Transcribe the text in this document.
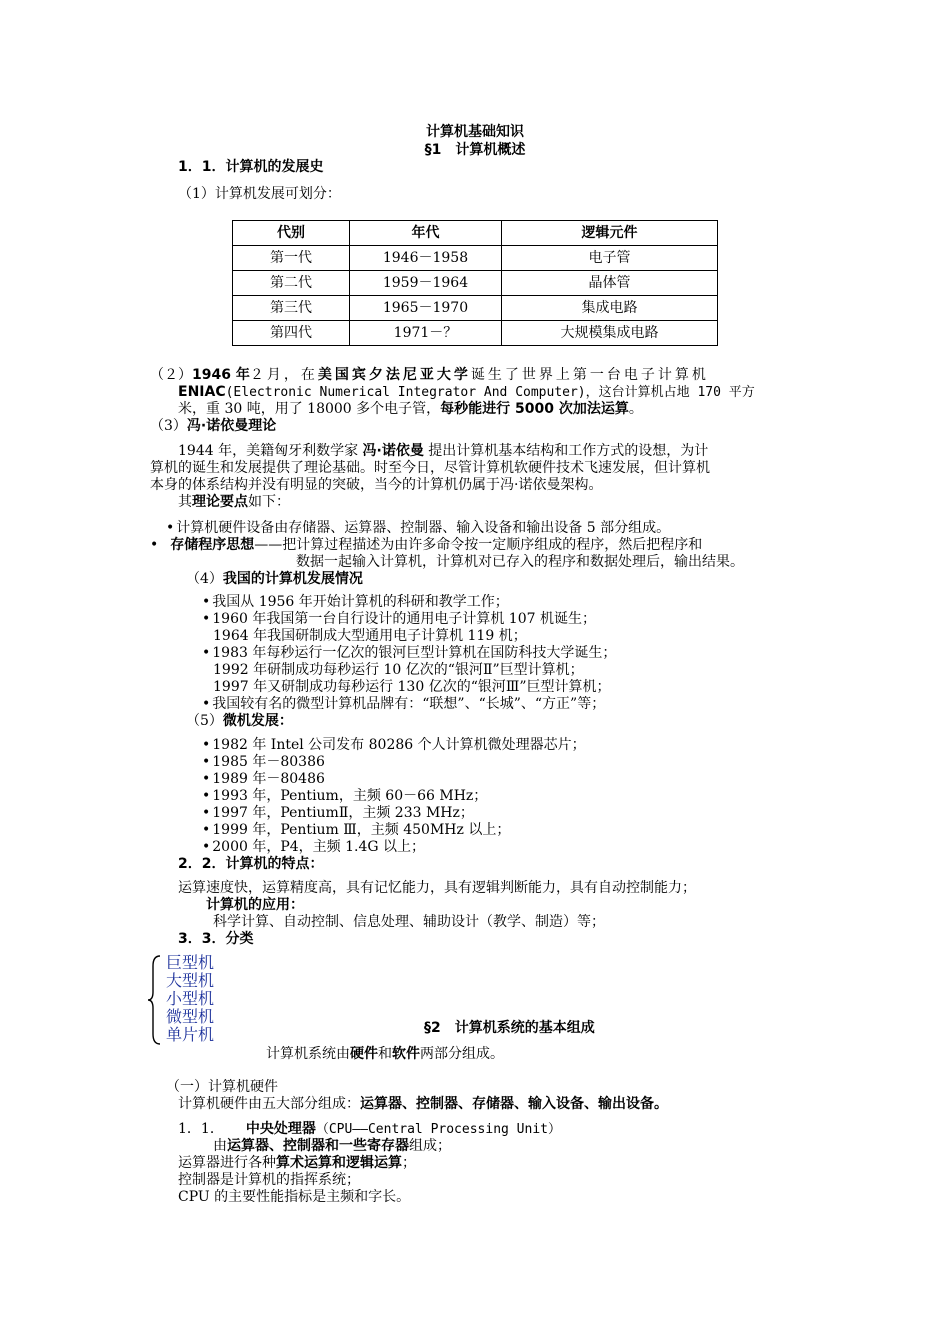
计算机基础知识
§1　计算机概述
1．1．计算机的发展史
（1）计算机发展可划分：
代别	年代	逻辑元件
第一代	1946－1958	电子管
第二代	1959－1964	晶体管
第三代	1965－1970	集成电路
第四代	1971－？	大规模集成电路
（２）1946 年２月，在美国宾夕法尼亚大学诞生了世界上第一台电子计算机
ENIAC(Electronic Numerical Integrator And Computer)，这台计算机占地 170 平方
米，重 30 吨，用了 18000 多个电子管，每秒能进行 5000 次加法运算。
（3）冯·诺依曼理论
1944 年，美籍匈牙利数学家 冯·诺依曼 提出计算机基本结构和工作方式的设想，为计
算机的诞生和发展提供了理论基础。时至今日，尽管计算机软硬件技术飞速发展，但计算机
本身的体系结构并没有明显的突破，当今的计算机仍属于冯·诺依曼架构。
其理论要点如下：
• 计算机硬件设备由存储器、运算器、控制器、输入设备和输出设备 5 部分组成。
• 存储程序思想——把计算过程描述为由许多命令按一定顺序组成的程序，然后把程序和
数据一起输入计算机，计算机对已存入的程序和数据处理后，输出结果。
（4）我国的计算机发展情况
• 我国从 1956 年开始计算机的科研和教学工作；
• 1960 年我国第一台自行设计的通用电子计算机 107 机诞生；
1964 年我国研制成大型通用电子计算机 119 机；
• 1983 年每秒运行一亿次的银河巨型计算机在国防科技大学诞生；
1992 年研制成功每秒运行 10 亿次的“银河Ⅱ”巨型计算机；
1997 年又研制成功每秒运行 130 亿次的“银河Ⅲ”巨型计算机；
• 我国较有名的微型计算机品牌有：“联想”、“长城”、“方正”等；
（5）微机发展：
• 1982 年 Intel 公司发布 80286 个人计算机微处理器芯片；
• 1985 年－80386
• 1989 年－80486
• 1993 年，Pentium，主频 60－66 MHz；
• 1997 年，PentiumⅡ，主频 233 MHz；
• 1999 年，Pentium Ⅲ，主频 450MHz 以上；
• 2000 年，P4，主频 1.4G 以上；
2．2．计算机的特点：
运算速度快，运算精度高，具有记忆能力，具有逻辑判断能力，具有自动控制能力；
计算机的应用：
科学计算、自动控制、信息处理、辅助设计（教学、制造）等；
3．3．分类
巨型机
大型机
小型机
微型机
单片机	§2　计算机系统的基本组成
计算机系统由硬件和软件两部分组成。
（一）计算机硬件
计算机硬件由五大部分组成：运算器、控制器、存储器、输入设备、输出设备。
1．1． 中央处理器（CPU——Central Processing Unit）
由运算器、控制器和一些寄存器组成；
运算器进行各种算术运算和逻辑运算；
控制器是计算机的指挥系统；
CPU 的主要性能指标是主频和字长。
